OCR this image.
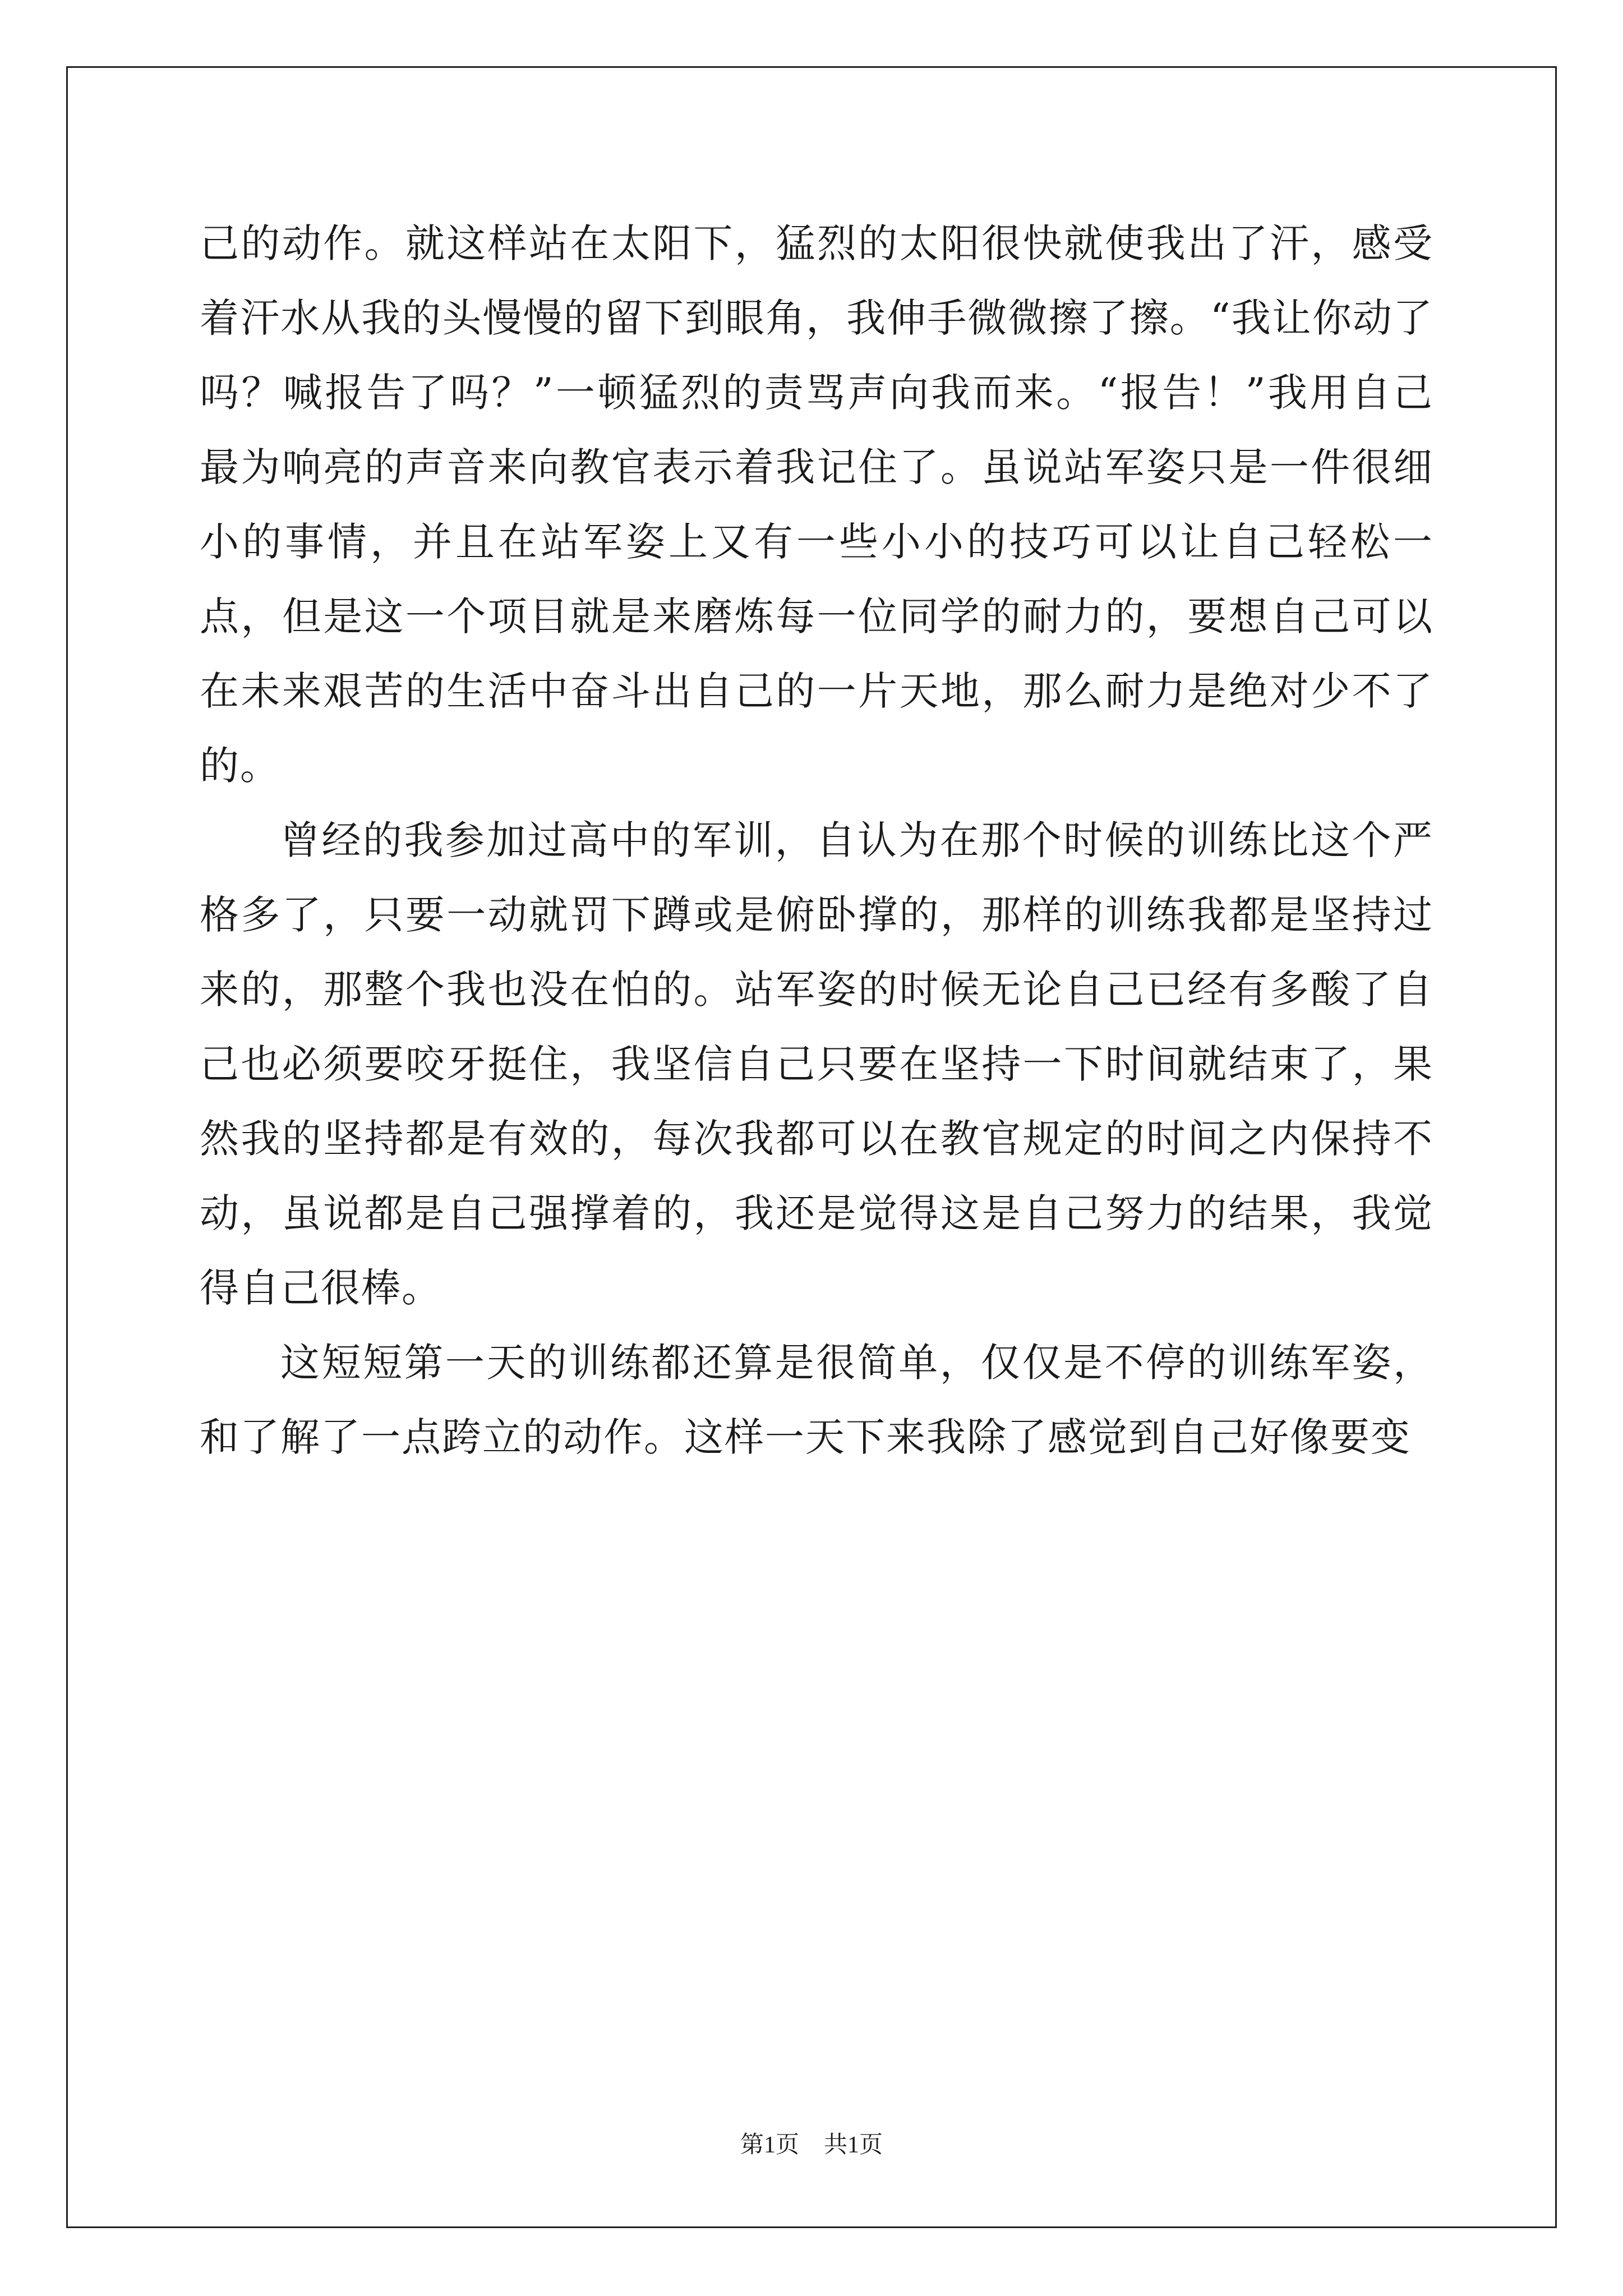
己的动作。就这样站在太阳下，猛烈的太阳很快就使我出了汗，感受着汗水从我的头慢慢的留下到眼角，我伸手微微擦了擦。“我让你动了吗？喊报告了吗？”一顿猛烈的责骂声向我而来。“报告！”我用自己最为响亮的声音来向教官表示着我记住了。虽说站军姿只是一件很细小的事情，并且在站军姿上又有一些小小的技巧可以让自己轻松一点，但是这一个项目就是来磨炼每一位同学的耐力的，要想自己可以在未来艰苦的生活中奋斗出自己的一片天地，那么耐力是绝对少不了的。

曾经的我参加过高中的军训，自认为在那个时候的训练比这个严格多了，只要一动就罚下蹲或是俯卧撑的，那样的训练我都是坚持过来的，那整个我也没在怕的。站军姿的时候无论自己已经有多酸了自己也必须要咬牙挺住，我坚信自己只要在坚持一下时间就结束了，果然我的坚持都是有效的，每次我都可以在教官规定的时间之内保持不动，虽说都是自己强撑着的，我还是觉得这是自己努力的结果，我觉得自己很棒。

这短短第一天的训练都还算是很简单，仅仅是不停的训练军姿，和了解了一点跨立的动作。这样一天下来我除了感觉到自己好像要变

第1页 共1页
